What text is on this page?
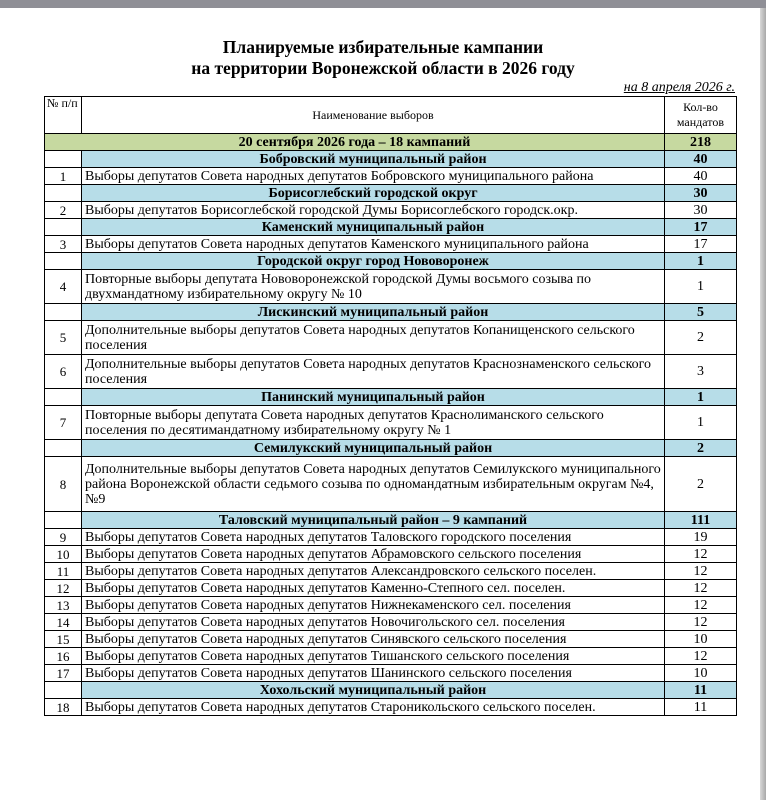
Планируемые избирательные кампании
на территории Воронежской области в 2026 году
на 8 апреля 2026 г.
№ п/п	Наименование выборов	Кол-во мандатов
20 сентября 2026 года – 18 кампаний		218
	Бобровский муниципальный район	40
1	Выборы депутатов Совета народных депутатов Бобровского муниципального района	40
	Борисоглебский городской округ	30
2	Выборы депутатов Борисоглебской городской Думы Борисоглебского городск.окр.	30
	Каменский муниципальный район	17
3	Выборы депутатов Совета народных депутатов Каменского муниципального района	17
	Городской округ город Нововоронеж	1
4	Повторные выборы депутата Нововоронежской городской Думы восьмого созыва по двухмандатному избирательному округу № 10	1
	Лискинский муниципальный район	5
5	Дополнительные выборы депутатов Совета народных депутатов Копанищенского сельского поселения	2
6	Дополнительные выборы депутатов Совета народных депутатов Краснознаменского сельского поселения	3
	Панинский муниципальный район	1
7	Повторные выборы депутата Совета народных депутатов Краснолиманского сельского поселения по десятимандатному избирательному округу № 1	1
	Семилукский муниципальный район	2
8	Дополнительные выборы депутатов Совета народных депутатов Семилукского муниципального района Воронежской области седьмого созыва по одномандатным избирательным округам №4, №9	2
	Таловский муниципальный район – 9 кампаний	111
9	Выборы депутатов Совета народных депутатов Таловского городского поселения	19
10	Выборы депутатов Совета народных депутатов Абрамовского сельского поселения	12
11	Выборы депутатов Совета народных депутатов Александровского сельского поселен.	12
12	Выборы депутатов Совета народных депутатов Каменно-Степного сел. поселен.	12
13	Выборы депутатов Совета народных депутатов Нижнекаменского сел. поселения	12
14	Выборы депутатов Совета народных депутатов Новочигольского сел. поселения	12
15	Выборы депутатов Совета народных депутатов Синявского сельского поселения	10
16	Выборы депутатов Совета народных депутатов Тишанского сельского поселения	12
17	Выборы депутатов Совета народных депутатов Шанинского сельского поселения	10
	Хохольский муниципальный район	11
18	Выборы депутатов Совета народных депутатов Староникольского сельского поселен.	11
